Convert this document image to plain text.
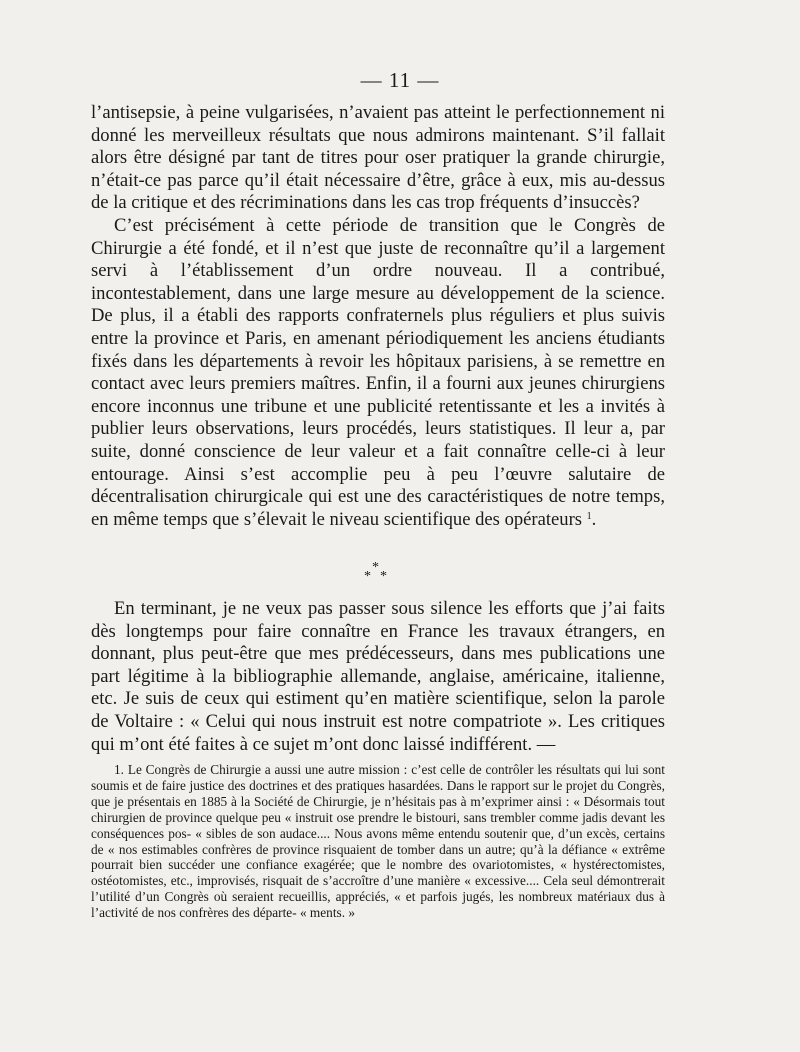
— 11 —

l’antisepsie, à peine vulgarisées, n’avaient pas atteint le perfectionnement ni donné les merveilleux résultats que nous admirons maintenant. S’il fallait alors être désigné par tant de titres pour oser pratiquer la grande chirurgie, n’était-ce pas parce qu’il était nécessaire d’être, grâce à eux, mis au-dessus de la critique et des récriminations dans les cas trop fréquents d’insuccès?

C’est précisément à cette période de transition que le Congrès de Chirurgie a été fondé, et il n’est que juste de reconnaître qu’il a largement servi à l’établissement d’un ordre nouveau. Il a contribué, incontestablement, dans une large mesure au développement de la science. De plus, il a établi des rapports confraternels plus réguliers et plus suivis entre la province et Paris, en amenant périodiquement les anciens étudiants fixés dans les départements à revoir les hôpitaux parisiens, à se remettre en contact avec leurs premiers maîtres. Enfin, il a fourni aux jeunes chirurgiens encore inconnus une tribune et une publicité retentissante et les a invités à publier leurs observations, leurs procédés, leurs statistiques. Il leur a, par suite, donné conscience de leur valeur et a fait connaître celle-ci à leur entourage. Ainsi s’est accomplie peu à peu l’œuvre salutaire de décentralisation chirurgicale qui est une des caractéristiques de notre temps, en même temps que s’élevait le niveau scientifique des opérateurs $^1$.

*
* *

En terminant, je ne veux pas passer sous silence les efforts que j’ai faits dès longtemps pour faire connaître en France les travaux étrangers, en donnant, plus peut-être que mes prédécesseurs, dans mes publications une part légitime à la bibliographie allemande, anglaise, américaine, italienne, etc. Je suis de ceux qui estiment qu’en matière scientifique, selon la parole de Voltaire : « Celui qui nous instruit est notre compatriote ». Les critiques qui m’ont été faites à ce sujet m’ont donc laissé indifférent. —

1. Le Congrès de Chirurgie a aussi une autre mission : c’est celle de contrôler les résultats qui lui sont soumis et de faire justice des doctrines et des pratiques hasardées. Dans le rapport sur le projet du Congrès, que je présentais en 1885 à la Société de Chirurgie, je n’hésitais pas à m’exprimer ainsi : « Désormais tout chirurgien de province quelque peu « instruit ose prendre le bistouri, sans trembler comme jadis devant les conséquences pos- « sibles de son audace.... Nous avons même entendu soutenir que, d’un excès, certains de « nos estimables confrères de province risquaient de tomber dans un autre; qu’à la défiance « extrême pourrait bien succéder une confiance exagérée; que le nombre des ovariotomistes, « hystérectomistes, ostéotomistes, etc., improvisés, risquait de s’accroître d’une manière « excessive.... Cela seul démontrerait l’utilité d’un Congrès où seraient recueillis, appréciés, « et parfois jugés, les nombreux matériaux dus à l’activité de nos confrères des départe- « ments. »
